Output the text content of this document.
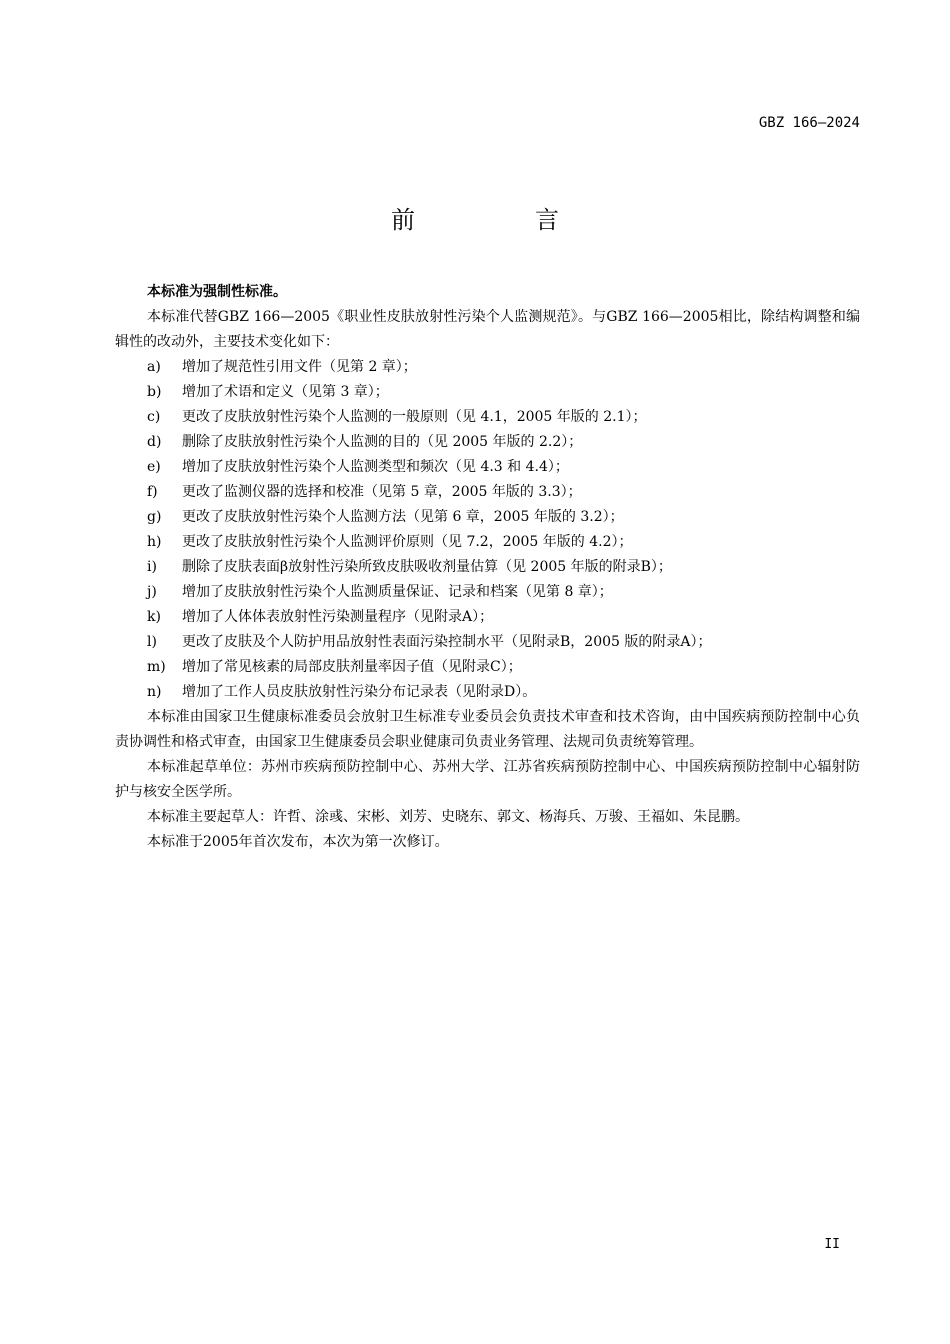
GBZ 166—2024
前　言

本标准为强制性标准。

本标准代替GBZ 166—2005《职业性皮肤放射性污染个人监测规范》。与GBZ 166—2005相比，除结构调整和编辑性的改动外，主要技术变化如下：

a) 增加了规范性引用文件（见第 2 章）；
b) 增加了术语和定义（见第 3 章）；
c) 更改了皮肤放射性污染个人监测的一般原则（见 4.1，2005 年版的 2.1）；
d) 删除了皮肤放射性污染个人监测的目的（见 2005 年版的 2.2）；
e) 增加了皮肤放射性污染个人监测类型和频次（见 4.3 和 4.4）；
f) 更改了监测仪器的选择和校准（见第 5 章，2005 年版的 3.3）；
g) 更改了皮肤放射性污染个人监测方法（见第 6 章，2005 年版的 3.2）；
h) 更改了皮肤放射性污染个人监测评价原则（见 7.2，2005 年版的 4.2）；
i) 删除了皮肤表面β放射性污染所致皮肤吸收剂量估算（见 2005 年版的附录B）；
j) 增加了皮肤放射性污染个人监测质量保证、记录和档案（见第 8 章）；
k) 增加了人体体表放射性污染测量程序（见附录A）；
l) 更改了皮肤及个人防护用品放射性表面污染控制水平（见附录B，2005 版的附录A）；
m) 增加了常见核素的局部皮肤剂量率因子值（见附录C）；
n) 增加了工作人员皮肤放射性污染分布记录表（见附录D）。

本标准由国家卫生健康标准委员会放射卫生标准专业委员会负责技术审查和技术咨询，由中国疾病预防控制中心负责协调性和格式审查，由国家卫生健康委员会职业健康司负责业务管理、法规司负责统筹管理。

本标准起草单位：苏州市疾病预防控制中心、苏州大学、江苏省疾病预防控制中心、中国疾病预防控制中心辐射防护与核安全医学所。

本标准主要起草人：许哲、涂彧、宋彬、刘芳、史晓东、郭文、杨海兵、万骏、王福如、朱昆鹏。

本标准于2005年首次发布，本次为第一次修订。

II
